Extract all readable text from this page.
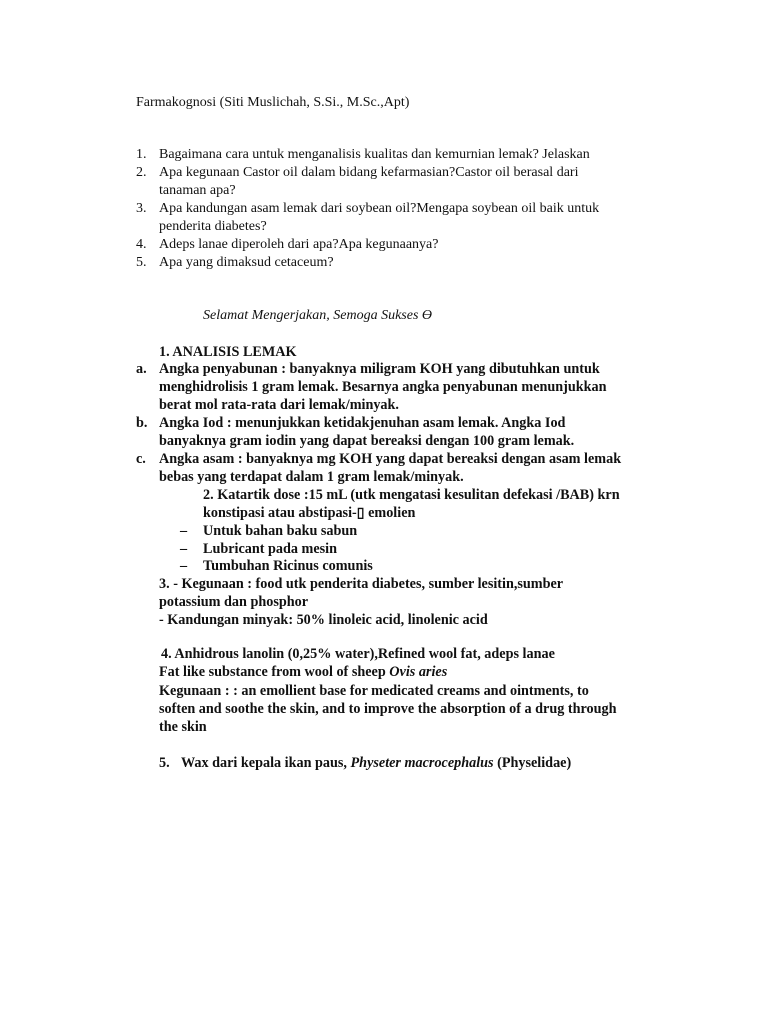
Farmakognosi (Siti Muslichah, S.Si., M.Sc.,Apt)
1. Bagaimana cara untuk menganalisis kualitas dan kemurnian lemak? Jelaskan
2. Apa kegunaan Castor oil dalam bidang kefarmasian?Castor oil berasal dari
tanaman apa?
3. Apa kandungan asam lemak dari soybean oil?Mengapa soybean oil baik untuk
penderita diabetes?
4. Adeps lanae diperoleh dari apa?Apa kegunaanya?
5. Apa yang dimaksud cetaceum?
Selamat Mengerjakan, Semoga Sukses Ө
1. ANALISIS LEMAK
a. Angka penyabunan : banyaknya miligram KOH yang dibutuhkan untuk
menghidrolisis 1 gram lemak. Besarnya angka penyabunan menunjukkan
berat mol rata-rata dari lemak/minyak.
b. Angka Iod : menunjukkan ketidakjenuhan asam lemak. Angka Iod
banyaknya gram iodin yang dapat bereaksi dengan 100 gram lemak.
c. Angka asam : banyaknya mg KOH yang dapat bereaksi dengan asam lemak
bebas yang terdapat dalam 1 gram lemak/minyak.
2. Katartik dose :15 mL (utk mengatasi kesulitan defekasi /BAB) krn
konstipasi atau abstipasi-▯ emolien
– Untuk bahan baku sabun
– Lubricant pada mesin
– Tumbuhan Ricinus comunis
3. - Kegunaan : food utk penderita diabetes, sumber lesitin,sumber
potassium dan phosphor
- Kandungan minyak: 50% linoleic acid, linolenic acid
4. Anhidrous lanolin (0,25% water),Refined wool fat, adeps lanae
Fat like substance from wool of sheep Ovis aries
Kegunaan : : an emollient base for medicated creams and ointments, to
soften and soothe the skin, and to improve the absorption of a drug through
the skin
5. Wax dari kepala ikan paus, Physeter macrocephalus (Physelidae)
